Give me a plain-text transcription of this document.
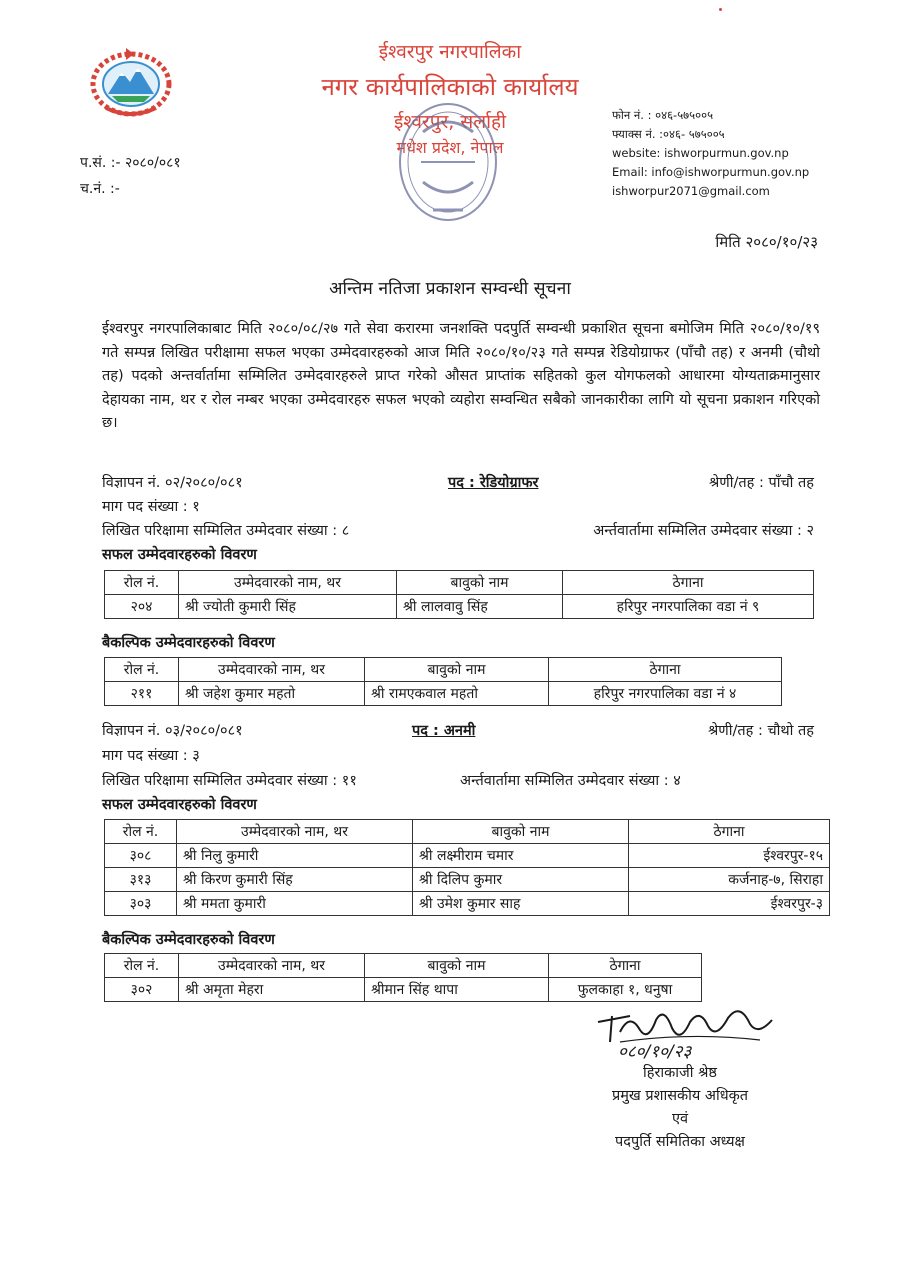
ईश्वरपुर नगरपालिका
नगर कार्यपालिकाको कार्यालय
ईश्वरपुर, सर्लाही
मधेश प्रदेश, नेपाल
फोन नं. : ०४६-५७५००५
फ्याक्स नं. :०४६- ५७५००५
website: ishworpurmun.gov.np
Email: info@ishworpurmun.gov.np
ishworpur2071@gmail.com
प.सं. :- २०८०/०८१
च.नं. :-
मिति २०८०/१०/२३
अन्तिम नतिजा प्रकाशन सम्वन्धी सूचना
ईश्वरपुर नगरपालिकाबाट मिति २०८०/०८/२७ गते सेवा करारमा जनशक्ति पदपुर्ति सम्वन्धी प्रकाशित सूचना बमोजिम मिति २०८०/१०/१९ गते सम्पन्न लिखित परीक्षामा सफल भएका उम्मेदवारहरुको आज मिति २०८०/१०/२३ गते सम्पन्न रेडियोग्राफर (पाँचौ तह) र अनमी (चौथो तह) पदको अन्तर्वार्तामा सम्मिलित उम्मेदवारहरुले प्राप्त गरेको औसत प्राप्तांक सहितको कुल योगफलको आधारमा योग्यताक्रमानुसार देहायका नाम, थर र रोल नम्बर भएका उम्मेदवारहरु सफल भएको व्यहोरा सम्वन्धित सबैको जानकारीका लागि यो सूचना प्रकाशन गरिएको छ।
विज्ञापन नं. ०२/२०८०/०८१	पद : रेडियोग्राफर	श्रेणी/तह : पाँचौ तह
माग पद संख्या : १
लिखित परिक्षामा सम्मिलित उम्मेदवार संख्या : ८	अर्न्तवार्तामा सम्मिलित उम्मेदवार संख्या : २
सफल उम्मेदवारहरुको विवरण
रोल नं.	उम्मेदवारको नाम, थर	बावुको नाम	ठेगाना
२०४	श्री ज्योती कुमारी सिंह	श्री लालवावु सिंह	हरिपुर नगरपालिका वडा नं ९
बैकल्पिक उम्मेदवारहरुको विवरण
रोल नं.	उम्मेदवारको नाम, थर	बावुको नाम	ठेगाना
२११	श्री जहेश कुमार महतो	श्री रामएकवाल महतो	हरिपुर नगरपालिका वडा नं ४
विज्ञापन नं. ०३/२०८०/०८१	पद : अनमी	श्रेणी/तह : चौथो तह
माग पद संख्या : ३
लिखित परिक्षामा सम्मिलित उम्मेदवार संख्या : ११	अर्न्तवार्तामा सम्मिलित उम्मेदवार संख्या : ४
सफल उम्मेदवारहरुको विवरण
रोल नं.	उम्मेदवारको नाम, थर	बावुको नाम	ठेगाना
३०८	श्री निलु कुमारी	श्री लक्ष्मीराम चमार	ईश्वरपुर-१५
३१३	श्री किरण कुमारी सिंह	श्री दिलिप कुमार	कर्जनाह-७, सिराहा
३०३	श्री ममता कुमारी	श्री उमेश कुमार साह	ईश्वरपुर-३
बैकल्पिक उम्मेदवारहरुको विवरण
रोल नं.	उम्मेदवारको नाम, थर	बावुको नाम	ठेगाना
३०२	श्री अमृता मेहरा	श्रीमान सिंह थापा	फुलकाहा १, धनुषा
०८०/१०/२३
हिराकाजी श्रेष्ठ
प्रमुख प्रशासकीय अधिकृत
एवं
पदपुर्ति समितिका अध्यक्ष
